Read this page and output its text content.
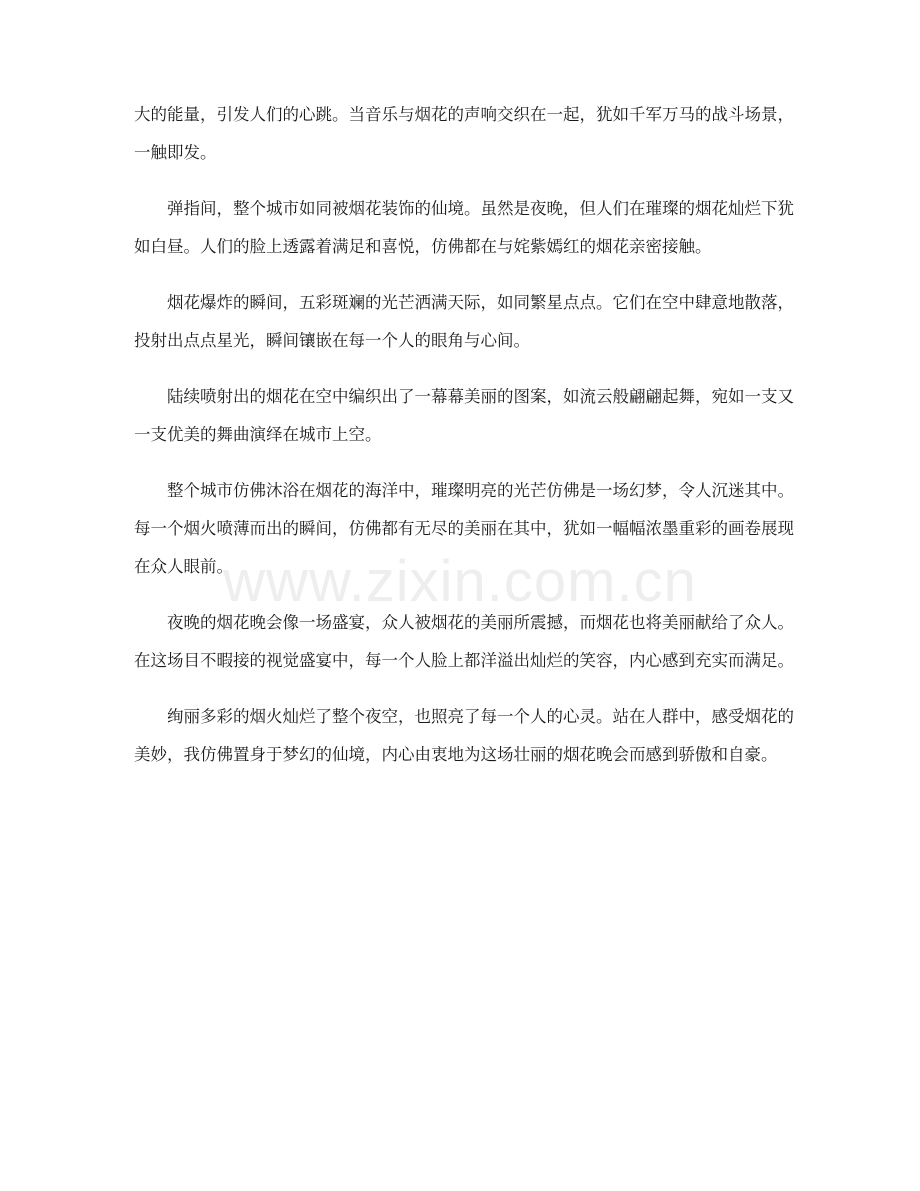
大的能量，引发人们的心跳。当音乐与烟花的声响交织在一起，犹如千军万马的战斗场景，一触即发。

弹指间，整个城市如同被烟花装饰的仙境。虽然是夜晚，但人们在璀璨的烟花灿烂下犹如白昼。人们的脸上透露着满足和喜悦，仿佛都在与姹紫嫣红的烟花亲密接触。

烟花爆炸的瞬间，五彩斑斓的光芒洒满天际，如同繁星点点。它们在空中肆意地散落，投射出点点星光，瞬间镶嵌在每一个人的眼角与心间。

陆续喷射出的烟花在空中编织出了一幕幕美丽的图案，如流云般翩翩起舞，宛如一支又一支优美的舞曲演绎在城市上空。

整个城市仿佛沐浴在烟花的海洋中，璀璨明亮的光芒仿佛是一场幻梦，令人沉迷其中。每一个烟火喷薄而出的瞬间，仿佛都有无尽的美丽在其中，犹如一幅幅浓墨重彩的画卷展现在众人眼前。

夜晚的烟花晚会像一场盛宴，众人被烟花的美丽所震撼，而烟花也将美丽献给了众人。在这场目不暇接的视觉盛宴中，每一个人脸上都洋溢出灿烂的笑容，内心感到充实而满足。

绚丽多彩的烟火灿烂了整个夜空，也照亮了每一个人的心灵。站在人群中，感受烟花的美妙，我仿佛置身于梦幻的仙境，内心由衷地为这场壮丽的烟花晚会而感到骄傲和自豪。

www.zixin.com.cn
